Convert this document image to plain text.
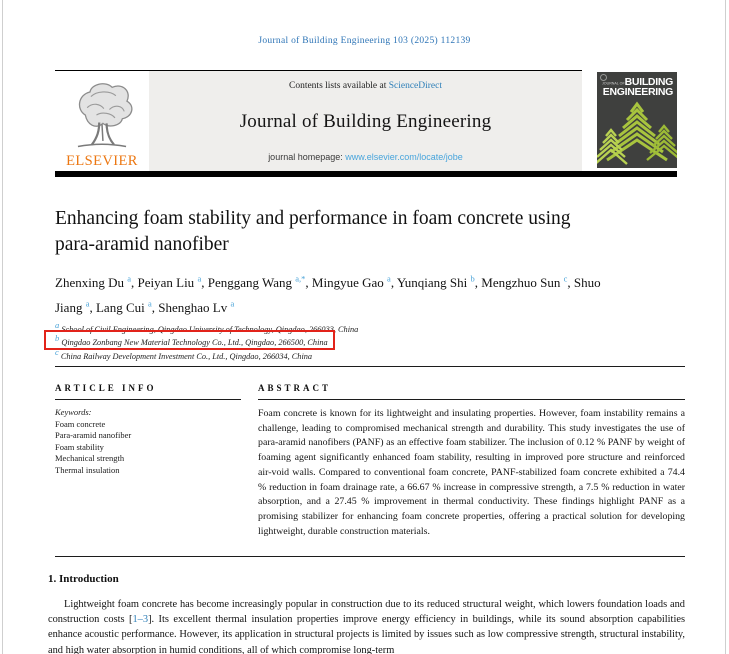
Journal of Building Engineering 103 (2025) 112139
ELSEVIER
Contents lists available at ScienceDirect
Journal of Building Engineering
journal homepage: www.elsevier.com/locate/jobe
JOURNAL OF BUILDING
ENGINEERING
Enhancing foam stability and performance in foam concrete using para-aramid nanofiber
Zhenxing Du $^a$, Peiyan Liu $^a$, Penggang Wang $^{a,*}$, Mingyue Gao $^a$, Yunqiang Shi $^b$, Mengzhuo Sun $^c$, Shuo Jiang $^a$, Lang Cui $^a$, Shenghao Lv $^a$
$^a$ School of Civil Engineering, Qingdao University of Technology, Qingdao, 266033, China
$^b$ Qingdao Zonbang New Material Technology Co., Ltd., Qingdao, 266500, China
$^c$ China Railway Development Investment Co., Ltd., Qingdao, 266034, China
ARTICLE INFO	ABSTRACT
Keywords:
Foam concrete
Para-aramid nanofiber
Foam stability
Mechanical strength
Thermal insulation
Foam concrete is known for its lightweight and insulating properties. However, foam instability remains a challenge, leading to compromised mechanical strength and durability. This study investigates the use of para-aramid nanofibers (PANF) as an effective foam stabilizer. The inclusion of 0.12 % PANF by weight of foaming agent significantly enhanced foam stability, resulting in improved pore structure and reinforced air-void walls. Compared to conventional foam concrete, PANF-stabilized foam concrete exhibited a 74.4 % reduction in foam drainage rate, a 66.67 % increase in compressive strength, a 7.5 % reduction in water absorption, and a 27.45 % improvement in thermal conductivity. These findings highlight PANF as a promising stabilizer for enhancing foam concrete properties, offering a practical solution for developing lightweight, durable construction materials.
1. Introduction
Lightweight foam concrete has become increasingly popular in construction due to its reduced structural weight, which lowers foundation loads and construction costs [1–3]. Its excellent thermal insulation properties improve energy efficiency in buildings, while its sound absorption capabilities enhance acoustic performance. However, its application in structural projects is limited by issues such as low compressive strength, structural instability, and high water absorption in humid conditions, all of which compromise long-term
